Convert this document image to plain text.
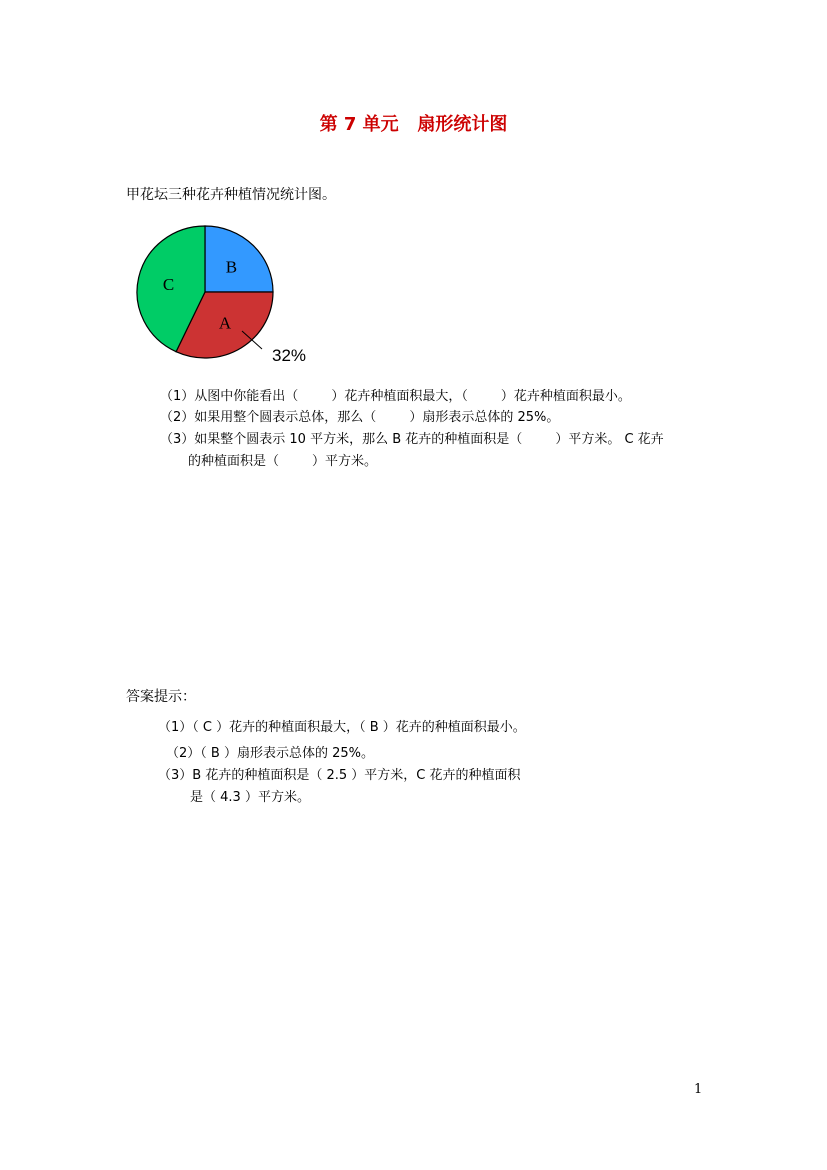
第 7 单元   扇形统计图
甲花坛三种花卉种植情况统计图。
B
A
C
32%
（1）从图中你能看出（        ）花卉种植面积最大，（        ）花卉种植面积最小。
（2）如果用整个圆表示总体，那么（        ）扇形表示总体的 25%。
（3）如果整个圆表示 10 平方米，那么 B 花卉的种植面积是（        ）平方米。 C 花卉
的种植面积是（        ）平方米。
答案提示：
（1）（ C ）花卉的种植面积最大，（ B ）花卉的种植面积最小。
（2）（ B ）扇形表示总体的 25%。
（3）B 花卉的种植面积是（ 2.5 ）平方米，C 花卉的种植面积
是（ 4.3 ）平方米。
1
